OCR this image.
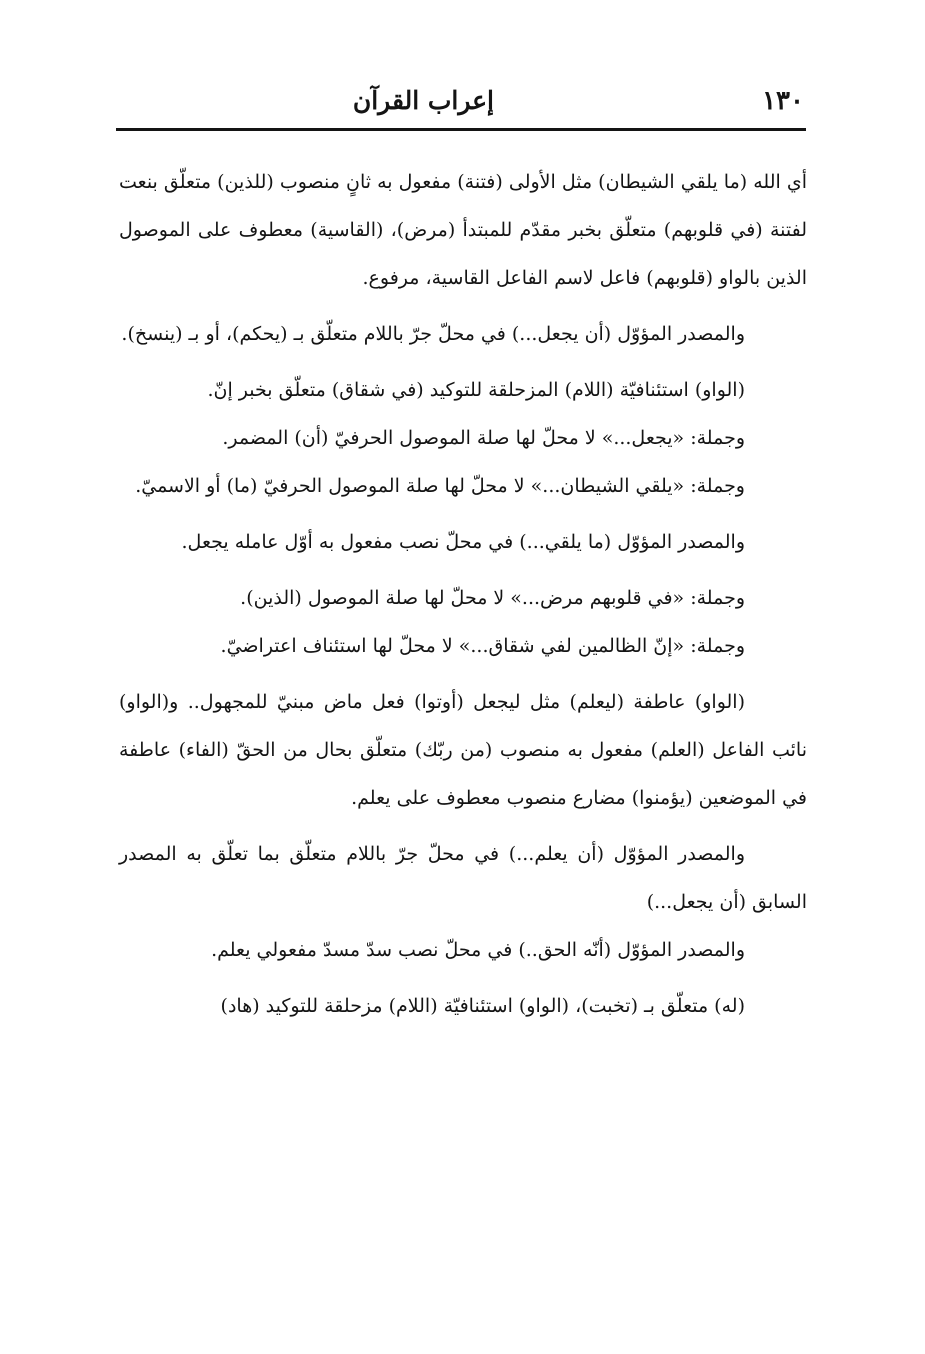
١٣٠
إعراب القرآن

أي الله (ما يلقي الشيطان) مثل الأولى (فتنة) مفعول به ثانٍ منصوب (للذين) متعلّق بنعت لفتنة (في قلوبهم) متعلّق بخبر مقدّم للمبتدأ (مرض)، (القاسية) معطوف على الموصول الذين بالواو (قلوبهم) فاعل لاسم الفاعل القاسية، مرفوع.

والمصدر المؤوّل (أن يجعل...) في محلّ جرّ باللام متعلّق بـ (يحكم)، أو بـ (ينسخ).

(الواو) استئنافيّة (اللام) المزحلقة للتوكيد (في شقاق) متعلّق بخبر إنّ.

وجملة: «يجعل...» لا محلّ لها صلة الموصول الحرفيّ (أن) المضمر.

وجملة: «يلقي الشيطان...» لا محلّ لها صلة الموصول الحرفيّ (ما) أو الاسميّ.

والمصدر المؤوّل (ما يلقي...) في محلّ نصب مفعول به أوّل عامله يجعل.

وجملة: «في قلوبهم مرض...» لا محلّ لها صلة الموصول (الذين).

وجملة: «إنّ الظالمين لفي شقاق...» لا محلّ لها استئناف اعتراضيّ.

(الواو) عاطفة (ليعلم) مثل ليجعل (أوتوا) فعل ماض مبنيّ للمجهول.. و(الواو) نائب الفاعل (العلم) مفعول به منصوب (من ربّك) متعلّق بحال من الحقّ (الفاء) عاطفة في الموضعين (يؤمنوا) مضارع منصوب معطوف على يعلم.

والمصدر المؤوّل (أن يعلم...) في محلّ جرّ باللام متعلّق بما تعلّق به المصدر السابق (أن يجعل...)

والمصدر المؤوّل (أنّه الحق..) في محلّ نصب سدّ مسدّ مفعولي يعلم.

(له) متعلّق بـ (تخبت)، (الواو) استئنافيّة (اللام) مزحلقة للتوكيد (هاد)
